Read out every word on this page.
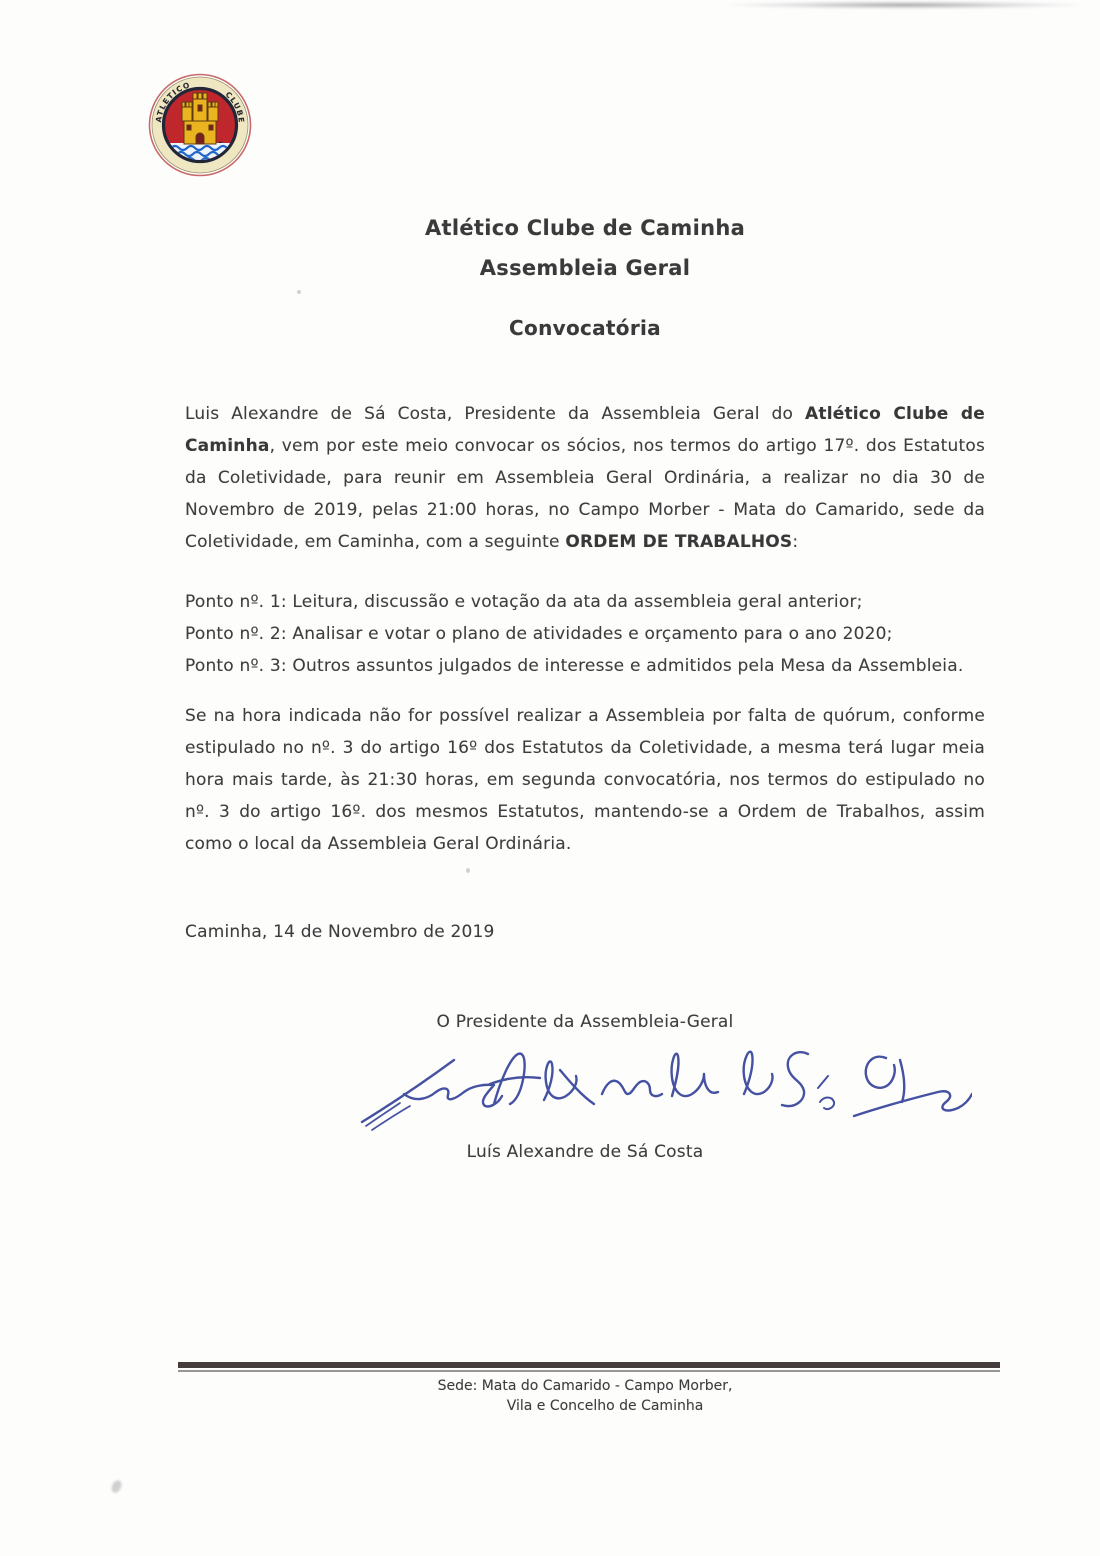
ATLETICO
CLUBE
Atlético Clube de Caminha
Assembleia Geral
Convocatória

Luis Alexandre de Sá Costa, Presidente da Assembleia Geral do Atlético Clube de Caminha, vem por este meio convocar os sócios, nos termos do artigo 17º. dos Estatutos da Coletividade, para reunir em Assembleia Geral Ordinária, a realizar no dia 30 de Novembro de 2019, pelas 21:00 horas, no Campo Morber - Mata do Camarido, sede da Coletividade, em Caminha, com a seguinte ORDEM DE TRABALHOS:

Ponto nº. 1: Leitura, discussão e votação da ata da assembleia geral anterior;
Ponto nº. 2: Analisar e votar o plano de atividades e orçamento para o ano 2020;
Ponto nº. 3: Outros assuntos julgados de interesse e admitidos pela Mesa da Assembleia.

Se na hora indicada não for possível realizar a Assembleia por falta de quórum, conforme estipulado no nº. 3 do artigo 16º dos Estatutos da Coletividade, a mesma terá lugar meia hora mais tarde, às 21:30 horas, em segunda convocatória, nos termos do estipulado no nº. 3 do artigo 16º. dos mesmos Estatutos, mantendo-se a Ordem de Trabalhos, assim como o local da Assembleia Geral Ordinária.

Caminha, 14 de Novembro de 2019
O Presidente da Assembleia-Geral
Luís Alexandre de Sá Costa
Sede: Mata do Camarido - Campo Morber,
Vila e Concelho de Caminha
